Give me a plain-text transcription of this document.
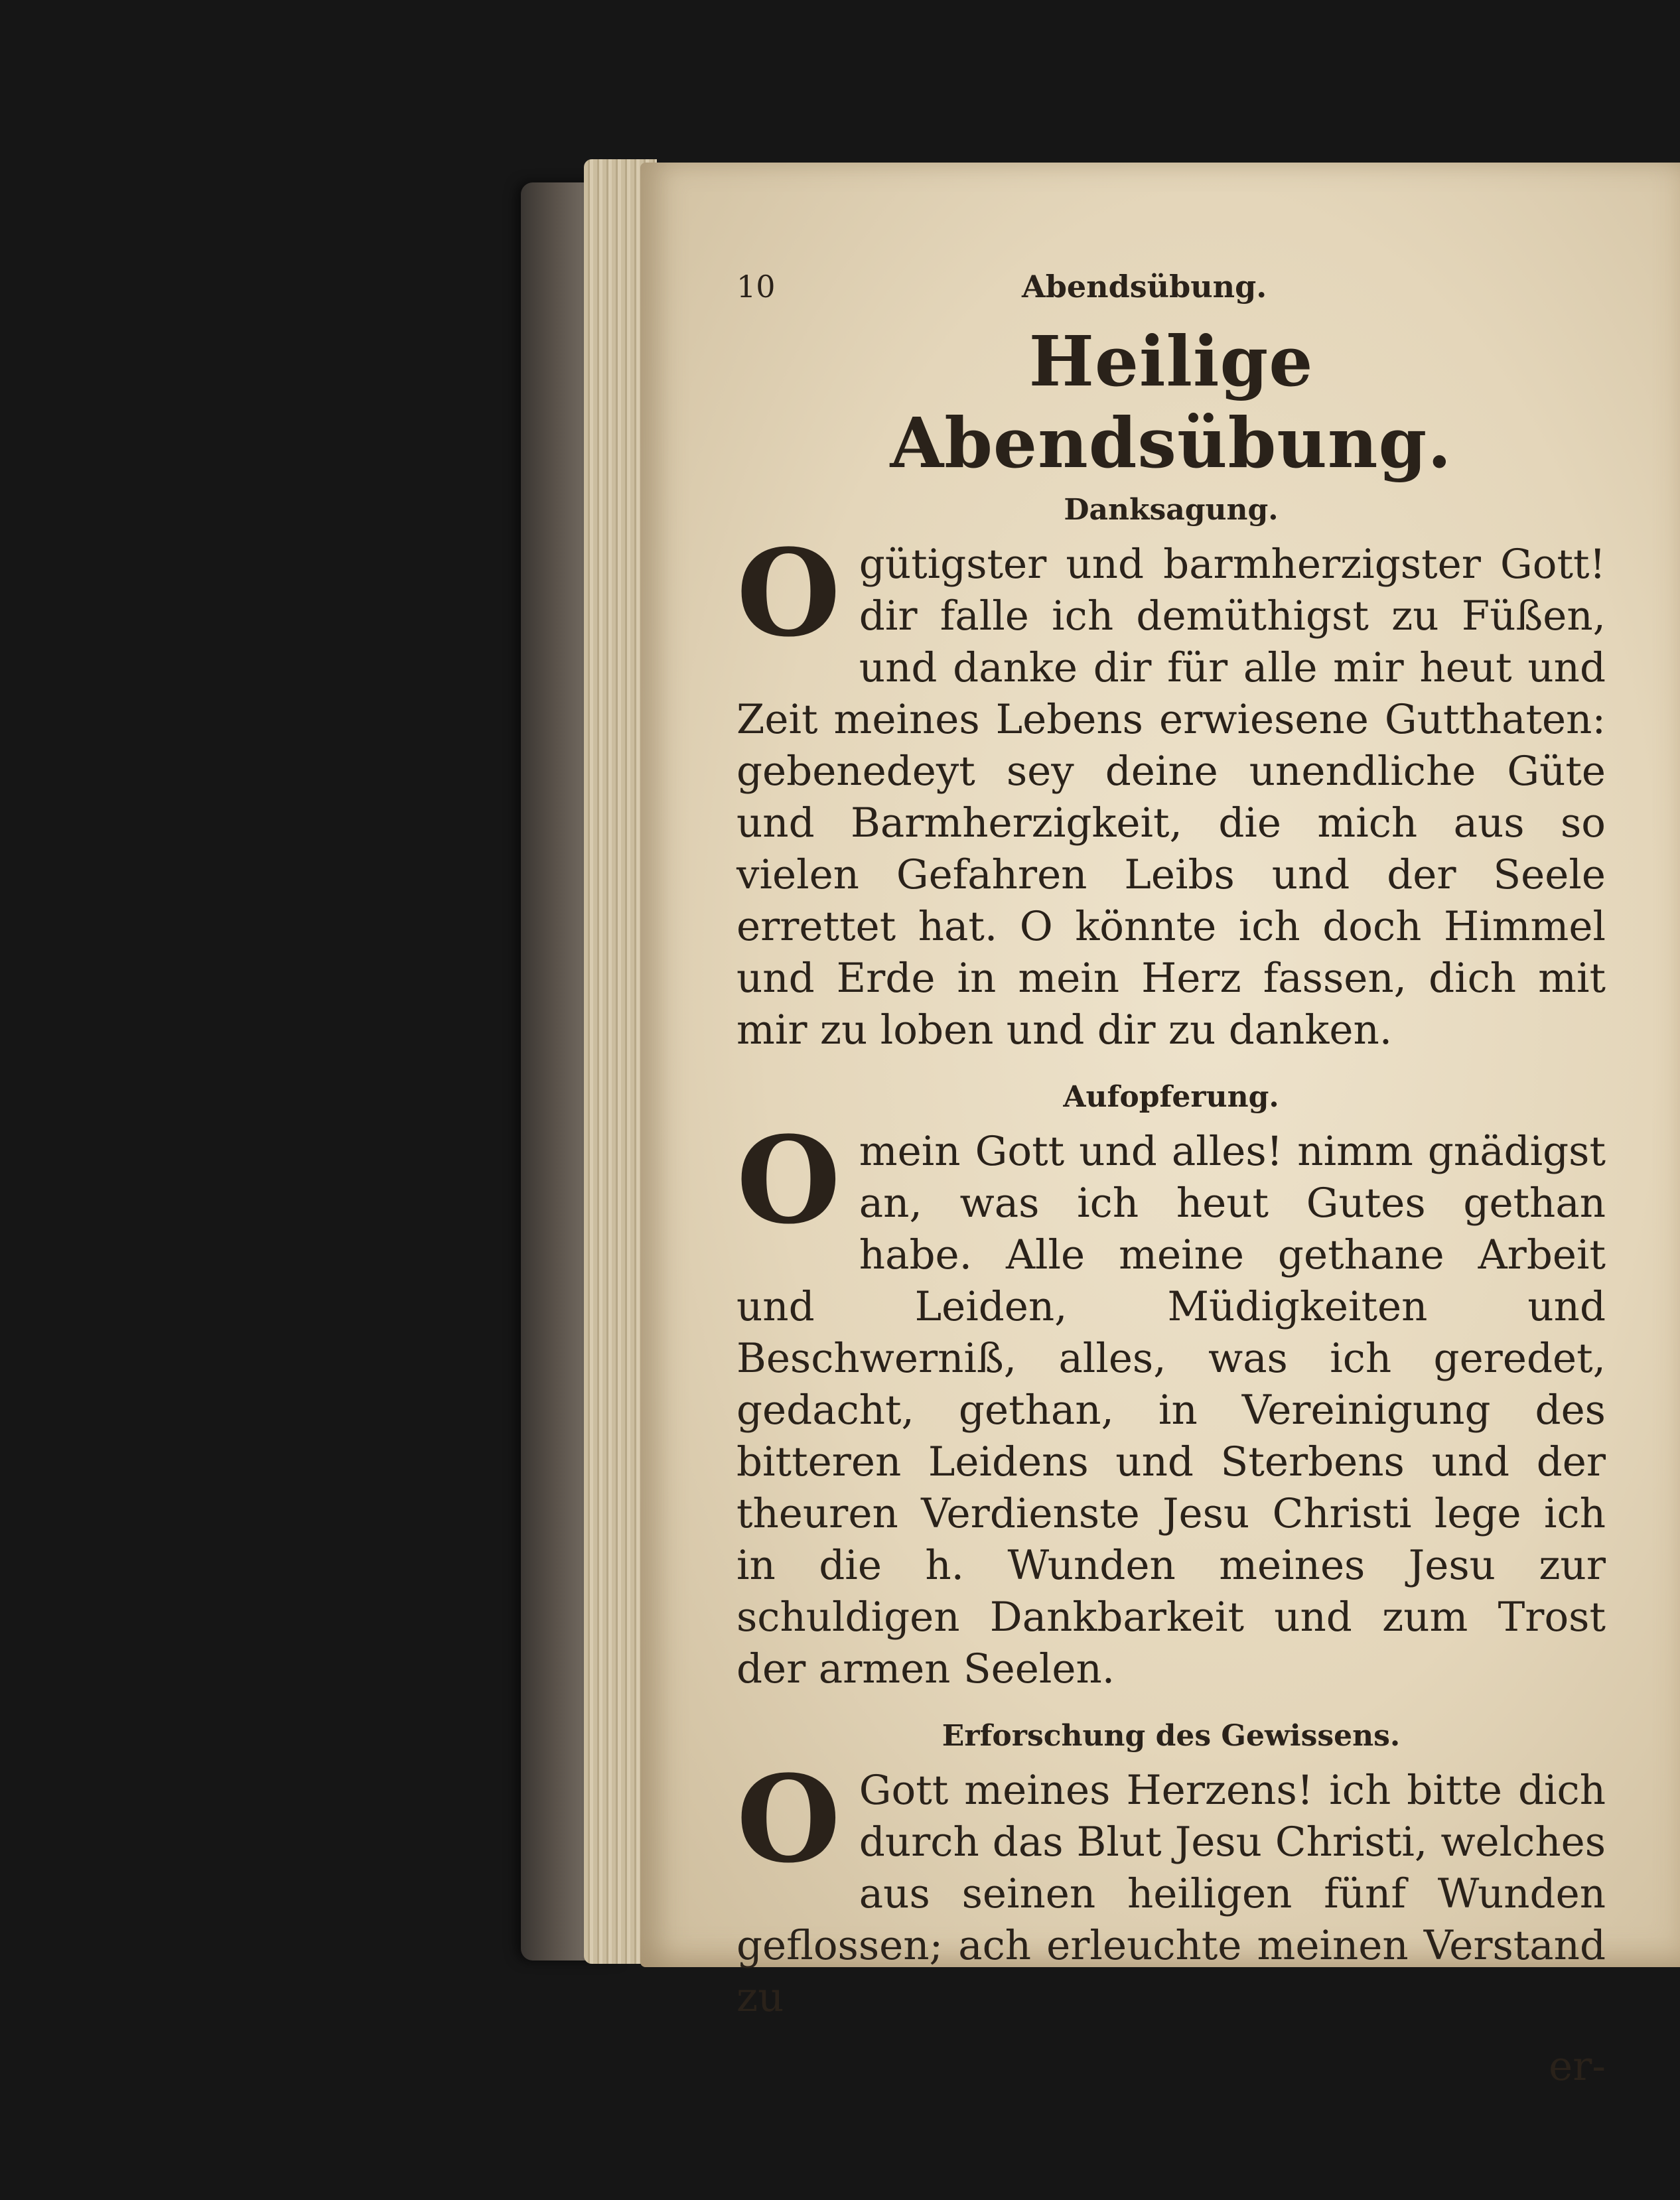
10	Abendsübung.
Heilige Abendsübung.
Danksagung.
O gütigster und barmherzigster Gott! dir falle ich demüthigst zu Füßen, und danke dir für alle mir heut und Zeit meines Lebens erwiesene Gutthaten: gebenedeyt sey deine unendliche Güte und Barmherzigkeit, die mich aus so vielen Gefahren Leibs und der Seele errettet hat. O könnte ich doch Himmel und Erde in mein Herz fassen, dich mit mir zu loben und dir zu danken.
Aufopferung.
O mein Gott und alles! nimm gnädigst an, was ich heut Gutes gethan habe. Alle meine gethane Arbeit und Leiden, Müdigkeiten und Beschwerniß, alles, was ich geredet, gedacht, gethan, in Vereinigung des bitteren Leidens und Sterbens und der theuren Verdienste Jesu Christi lege ich in die h. Wunden meines Jesu zur schuldigen Dankbarkeit und zum Trost der armen Seelen.
Erforschung des Gewissens.
O Gott meines Herzens! ich bitte dich durch das Blut Jesu Christi, welches aus seinen heiligen fünf Wunden geflossen; ach erleuchte meinen Verstand zu
er-
